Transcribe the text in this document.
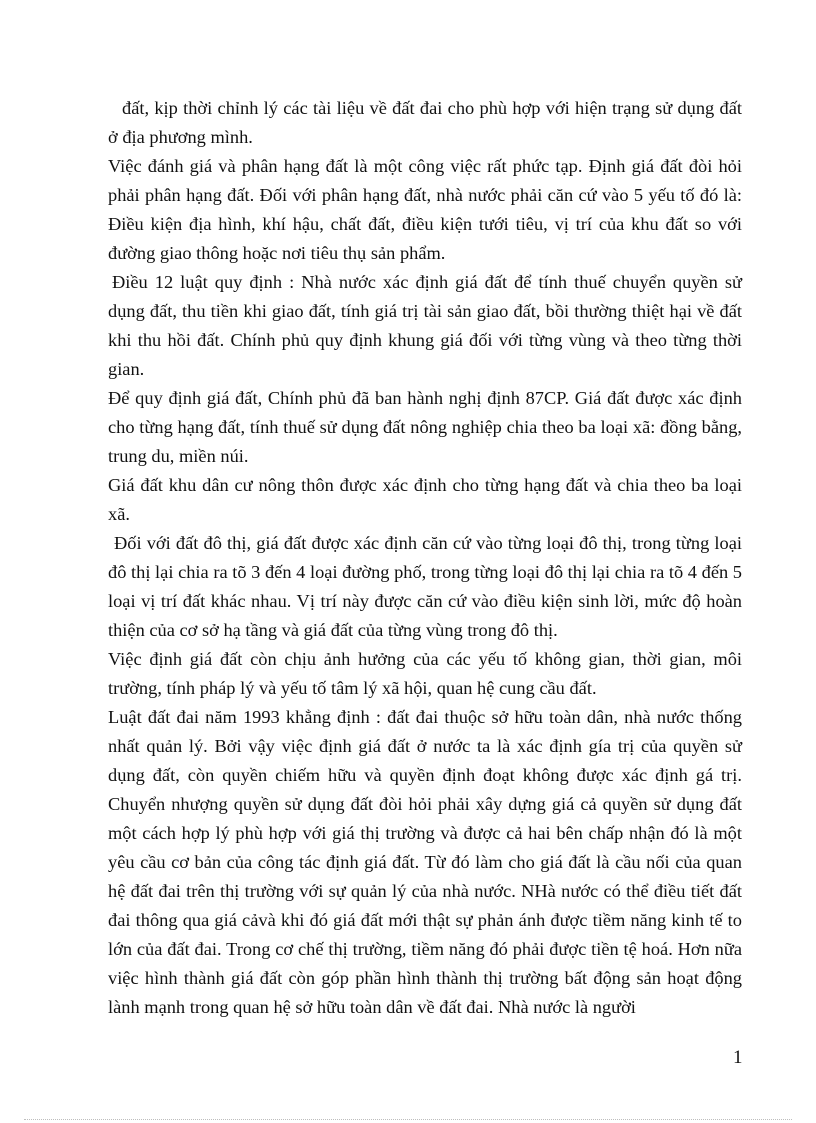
đất, kịp thời chỉnh lý các tài liệu về đất đai cho phù hợp với hiện trạng sử dụng đất ở địa phương mình.

Việc đánh giá và phân hạng đất là một công việc rất phức tạp. Định giá đất đòi hỏi phải phân hạng đất. Đối với phân hạng đất, nhà nước phải căn cứ vào 5 yếu tố đó là: Điều kiện địa hình, khí hậu, chất đất, điều kiện tưới tiêu, vị trí của khu đất so với đường giao thông hoặc nơi tiêu thụ sản phẩm.

Điều 12 luật quy định : Nhà nước xác định giá đất để tính thuế chuyển quyền sử dụng đất, thu tiền khi giao đất, tính giá trị tài sản giao đất, bồi thường thiệt hại về đất khi thu hồi đất. Chính phủ quy định khung giá đối với từng vùng và theo từng thời gian.

Để quy định giá đất, Chính phủ đã ban hành nghị định 87CP. Giá đất được xác định cho từng hạng đất, tính thuế sử dụng đất nông nghiệp chia theo ba loại xã: đồng bằng, trung du, miền núi.

Giá đất khu dân cư nông thôn được xác định cho từng hạng đất và chia theo ba loại xã.

Đối với đất đô thị, giá đất được xác định căn cứ vào từng loại đô thị, trong từng loại đô thị lại chia ra tõ 3 đến 4 loại đường phố, trong từng loại đô thị lại chia ra tõ 4 đến 5 loại vị trí đất khác nhau. Vị trí này được căn cứ vào điều kiện sinh lời, mức độ hoàn thiện của cơ sở hạ tầng và giá đất của từng vùng trong đô thị.

Việc định giá đất còn chịu ảnh hưởng của các yếu tố không gian, thời gian, môi trường, tính pháp lý và yếu tố tâm lý xã hội, quan hệ cung cầu đất.

Luật đất đai năm 1993 khẳng định : đất đai thuộc sở hữu toàn dân, nhà nước thống nhất quản lý. Bởi vậy việc định giá đất ở nước ta là xác định gía trị của quyền sử dụng đất, còn quyền chiếm hữu và quyền định đoạt không được xác định gá trị. Chuyển nhượng quyền sử dụng đất đòi hỏi phải xây dựng giá cả quyền sử dụng đất một cách hợp lý phù hợp với giá thị trường và được cả hai bên chấp nhận đó là một yêu cầu cơ bản của công tác định giá đất. Từ đó làm cho giá đất là cầu nối của quan hệ đất đai trên thị trường với sự quản lý của nhà nước. NHà nước có thể điều tiết đất đai thông qua giá cảvà khi đó giá đất mới thật sự phản ánh được tiềm năng kinh tế to lớn của đất đai. Trong cơ chế thị trường, tiềm năng đó phải được tiền tệ hoá. Hơn nữa việc hình thành giá đất còn góp phần hình thành thị trường bất động sản hoạt động lành mạnh trong quan hệ sở hữu toàn dân về đất đai. Nhà nước là người

1
